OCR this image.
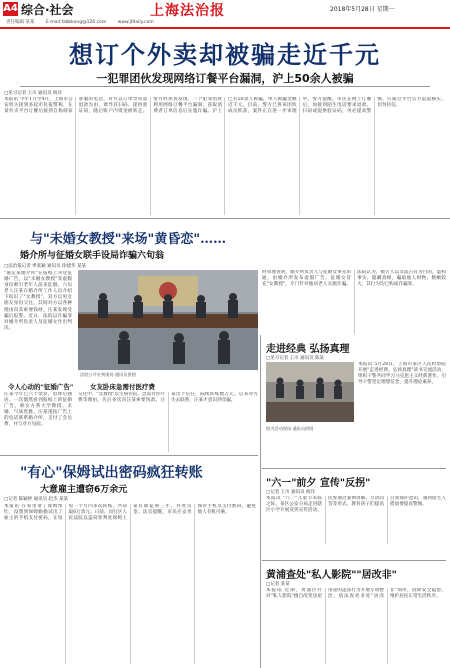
A4 综合·社会	上海法治报	2018年5月28日 星期一
责任编辑 某某	E-mail:fzbbkong@126.com	www.jfdaily.com
想订个外卖却被骗走近千元
一犯罪团伙发现网络订餐平台漏洞，沪上50余人被骗
□见习记者 王川 通讯员 杨洋
本报讯 今年1月至4月，上海市公安机关接到多起市民报警称，在某外卖平台订餐后接到自称商家客服的电话，对方以订单异常需退款为由，诱导其扫码、提供验证码，随后账户内资金被转走。警方经侦查发现，一个犯罪团伙利用网络订餐平台漏洞，获取消费者订单信息后实施诈骗。沪上已有50余人被骗，单人被骗金额近千元。目前，警方已将该团伙成员抓获，案件正在进一步审理中。警方提醒，市民在网上订餐后，如接到陌生电话要求退款、扫码或提供验证码，务必提高警惕，应通过平台官方渠道核实，切勿轻信。
与"未婚女教授"来场"黄昏恋"……
婚介所与征婚女联手设局诈骗六旬翁
□法治报记者 季张颖 通讯员 徐建华 某某
"嘉定某婚介所"在报纸上刊登征婚广告，以"未婚女教授"等虚假身份吸引老年人前来征婚。六旬老人汪某在婚介所工作人员介绍下结识了"女教授"，双方以男女朋友身份交往。其间对方以各种理由向其索要钱财。汪某发现受骗后报警。近日，法院以诈骗罪对婚介所负责人及征婚女作出判决。
令人心动的"征婚广告"
汪某今年已六十余岁，退休后独居。一次偶然看到报纸上的征婚广告，称女方系大学教授、未婚、气质优雅。汪某遂按广告上的电话联系婚介所，支付了会员费，并与对方见面。
法院公开宣判现场 通讯员供图
女友卧床急需付医疗费
交往中，"女教授"以生病住院、急需付医疗费等理由，先后多次向汪某索要钱款。汪某出于信任，陆续转账数万元。后来对方失去联系，汪某才意识到受骗。
经审理查明，婚介所负责人与征婚女事先串通，由婚介所发布虚假广告，征婚女冒充"女教授"，专门针对独居老人实施诈骗。法院认为，被告人以非法占有为目的，虚构事实、隐瞒真相，骗取他人财物，数额较大，其行为均已构成诈骗罪。
"有心"保姆试出密码疯狂转账
大意雇主遭窃6万余元
□记者 陈颖婷 通讯员 赵杰 某某
本报讯 在家里请了保姆帮忙，没想到保姆偷偷试出了雇主的手机支付密码，在短短一个月内多次转账，共窃取6万余元。日前，闵行区人民法院以盗窃罪判处保姆王某有期徒刑三年，并处罚金。法官提醒，市民应妥善保管手机及支付密码，避免他人有机可乘。
走进经典 弘扬真理
□见习记者 王川 通讯员 陈某
本报讯 5月28日，上海市某区人民检察院开展"走进经典、弘扬真理"读书交流活动，组织干警共同学习马克思主义经典著作，引导干警坚定理想信念，提升理论素养。
图为活动现场 通讯员供图
"六一"前夕 宣传"反拐"
□记者 王川 通讯员 杨洋
本报讯 "六一"儿童节来临之际，某区公安分局走进辖区小学开展反拐宣传活动，民警通过案例讲解、互动问答等形式，教育孩子们提高自我保护意识，遇到陌生人搭讪要提高警惕。
黄浦查处"私人影院""居改非"
□记者 某某
本报讯 近期，黄浦区针对"私人影院"擅自改变房屋用途的违法行为开展专项整治，依法查处多处"居改非"场所，消除安全隐患，维护居民正常生活秩序。
